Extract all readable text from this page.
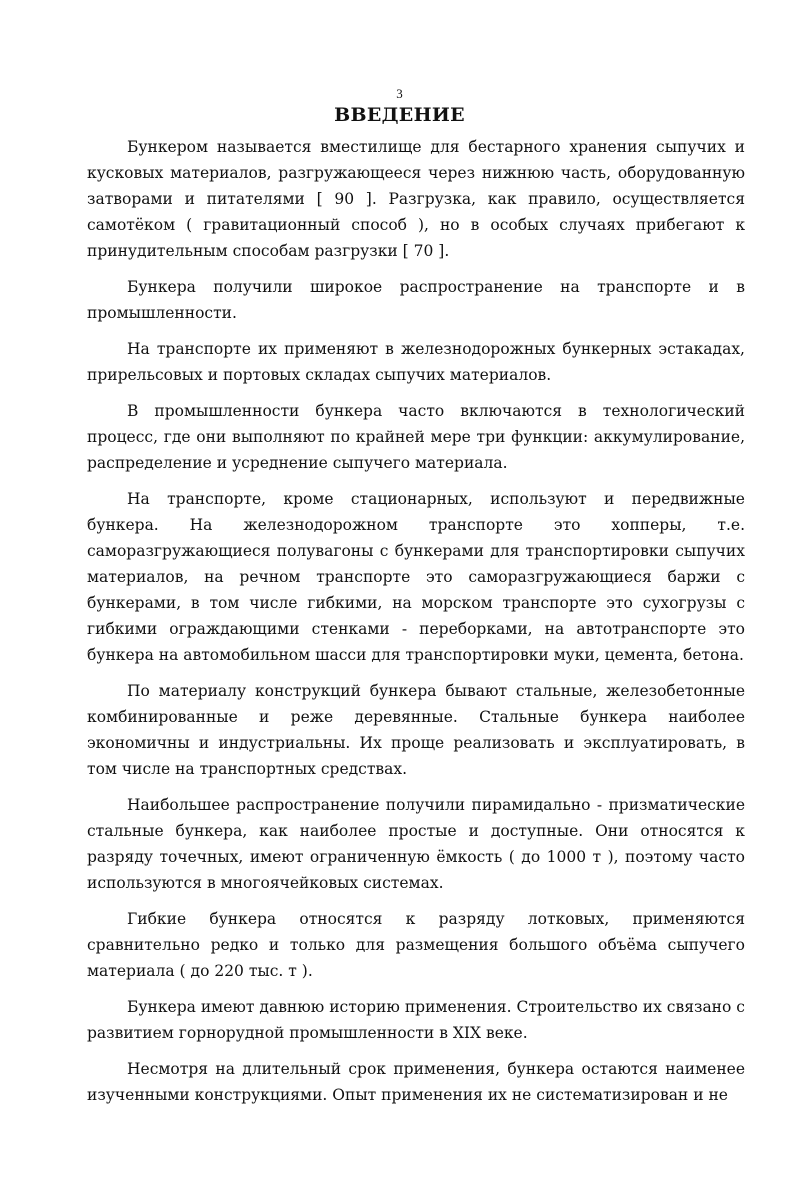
3
ВВЕДЕНИЕ

Бункером называется вместилище для бестарного хранения сыпучих и кусковых материалов, разгружающееся через нижнюю часть, оборудованную затворами и питателями [ 90 ]. Разгрузка, как правило, осуществляется самотёком ( гравитационный способ ), но в особых случаях прибегают к принудительным способам разгрузки [ 70 ].

Бункера получили широкое распространение на транспорте и в промышленности.

На транспорте их применяют в железнодорожных бункерных эстакадах, прирельсовых и портовых складах сыпучих материалов.

В промышленности бункера часто включаются в технологический процесс, где они выполняют по крайней мере три функции: аккумулирование, распределение и усреднение сыпучего материала.

На транспорте, кроме стационарных, используют и передвижные бункера. На железнодорожном транспорте это хопперы, т.е. саморазгружающиеся полувагоны с бункерами для транспортировки сыпучих материалов, на речном транспорте это саморазгружающиеся баржи с бункерами, в том числе гибкими, на морском транспорте это сухогрузы с гибкими ограждающими стенками - переборками, на автотранспорте это бункера на автомобильном шасси для транспортировки муки, цемента, бетона.

По материалу конструкций бункера бывают стальные, железобетонные комбинированные и реже деревянные. Стальные бункера наиболее экономичны и индустриальны. Их проще реализовать и эксплуатировать, в том числе на транспортных средствах.

Наибольшее распространение получили пирамидально - призматические стальные бункера, как наиболее простые и доступные. Они относятся к разряду точечных, имеют ограниченную ёмкость ( до 1000 т ), поэтому часто используются в многоячейковых системах.

Гибкие бункера относятся к разряду лотковых, применяются сравнительно редко и только для размещения большого объёма сыпучего материала ( до 220 тыс. т ).

Бункера имеют давнюю историю применения. Строительство их связано с развитием горнорудной промышленности в XIX веке.

Несмотря на длительный срок применения, бункера остаются наименее изученными конструкциями. Опыт применения их не систематизирован и не
